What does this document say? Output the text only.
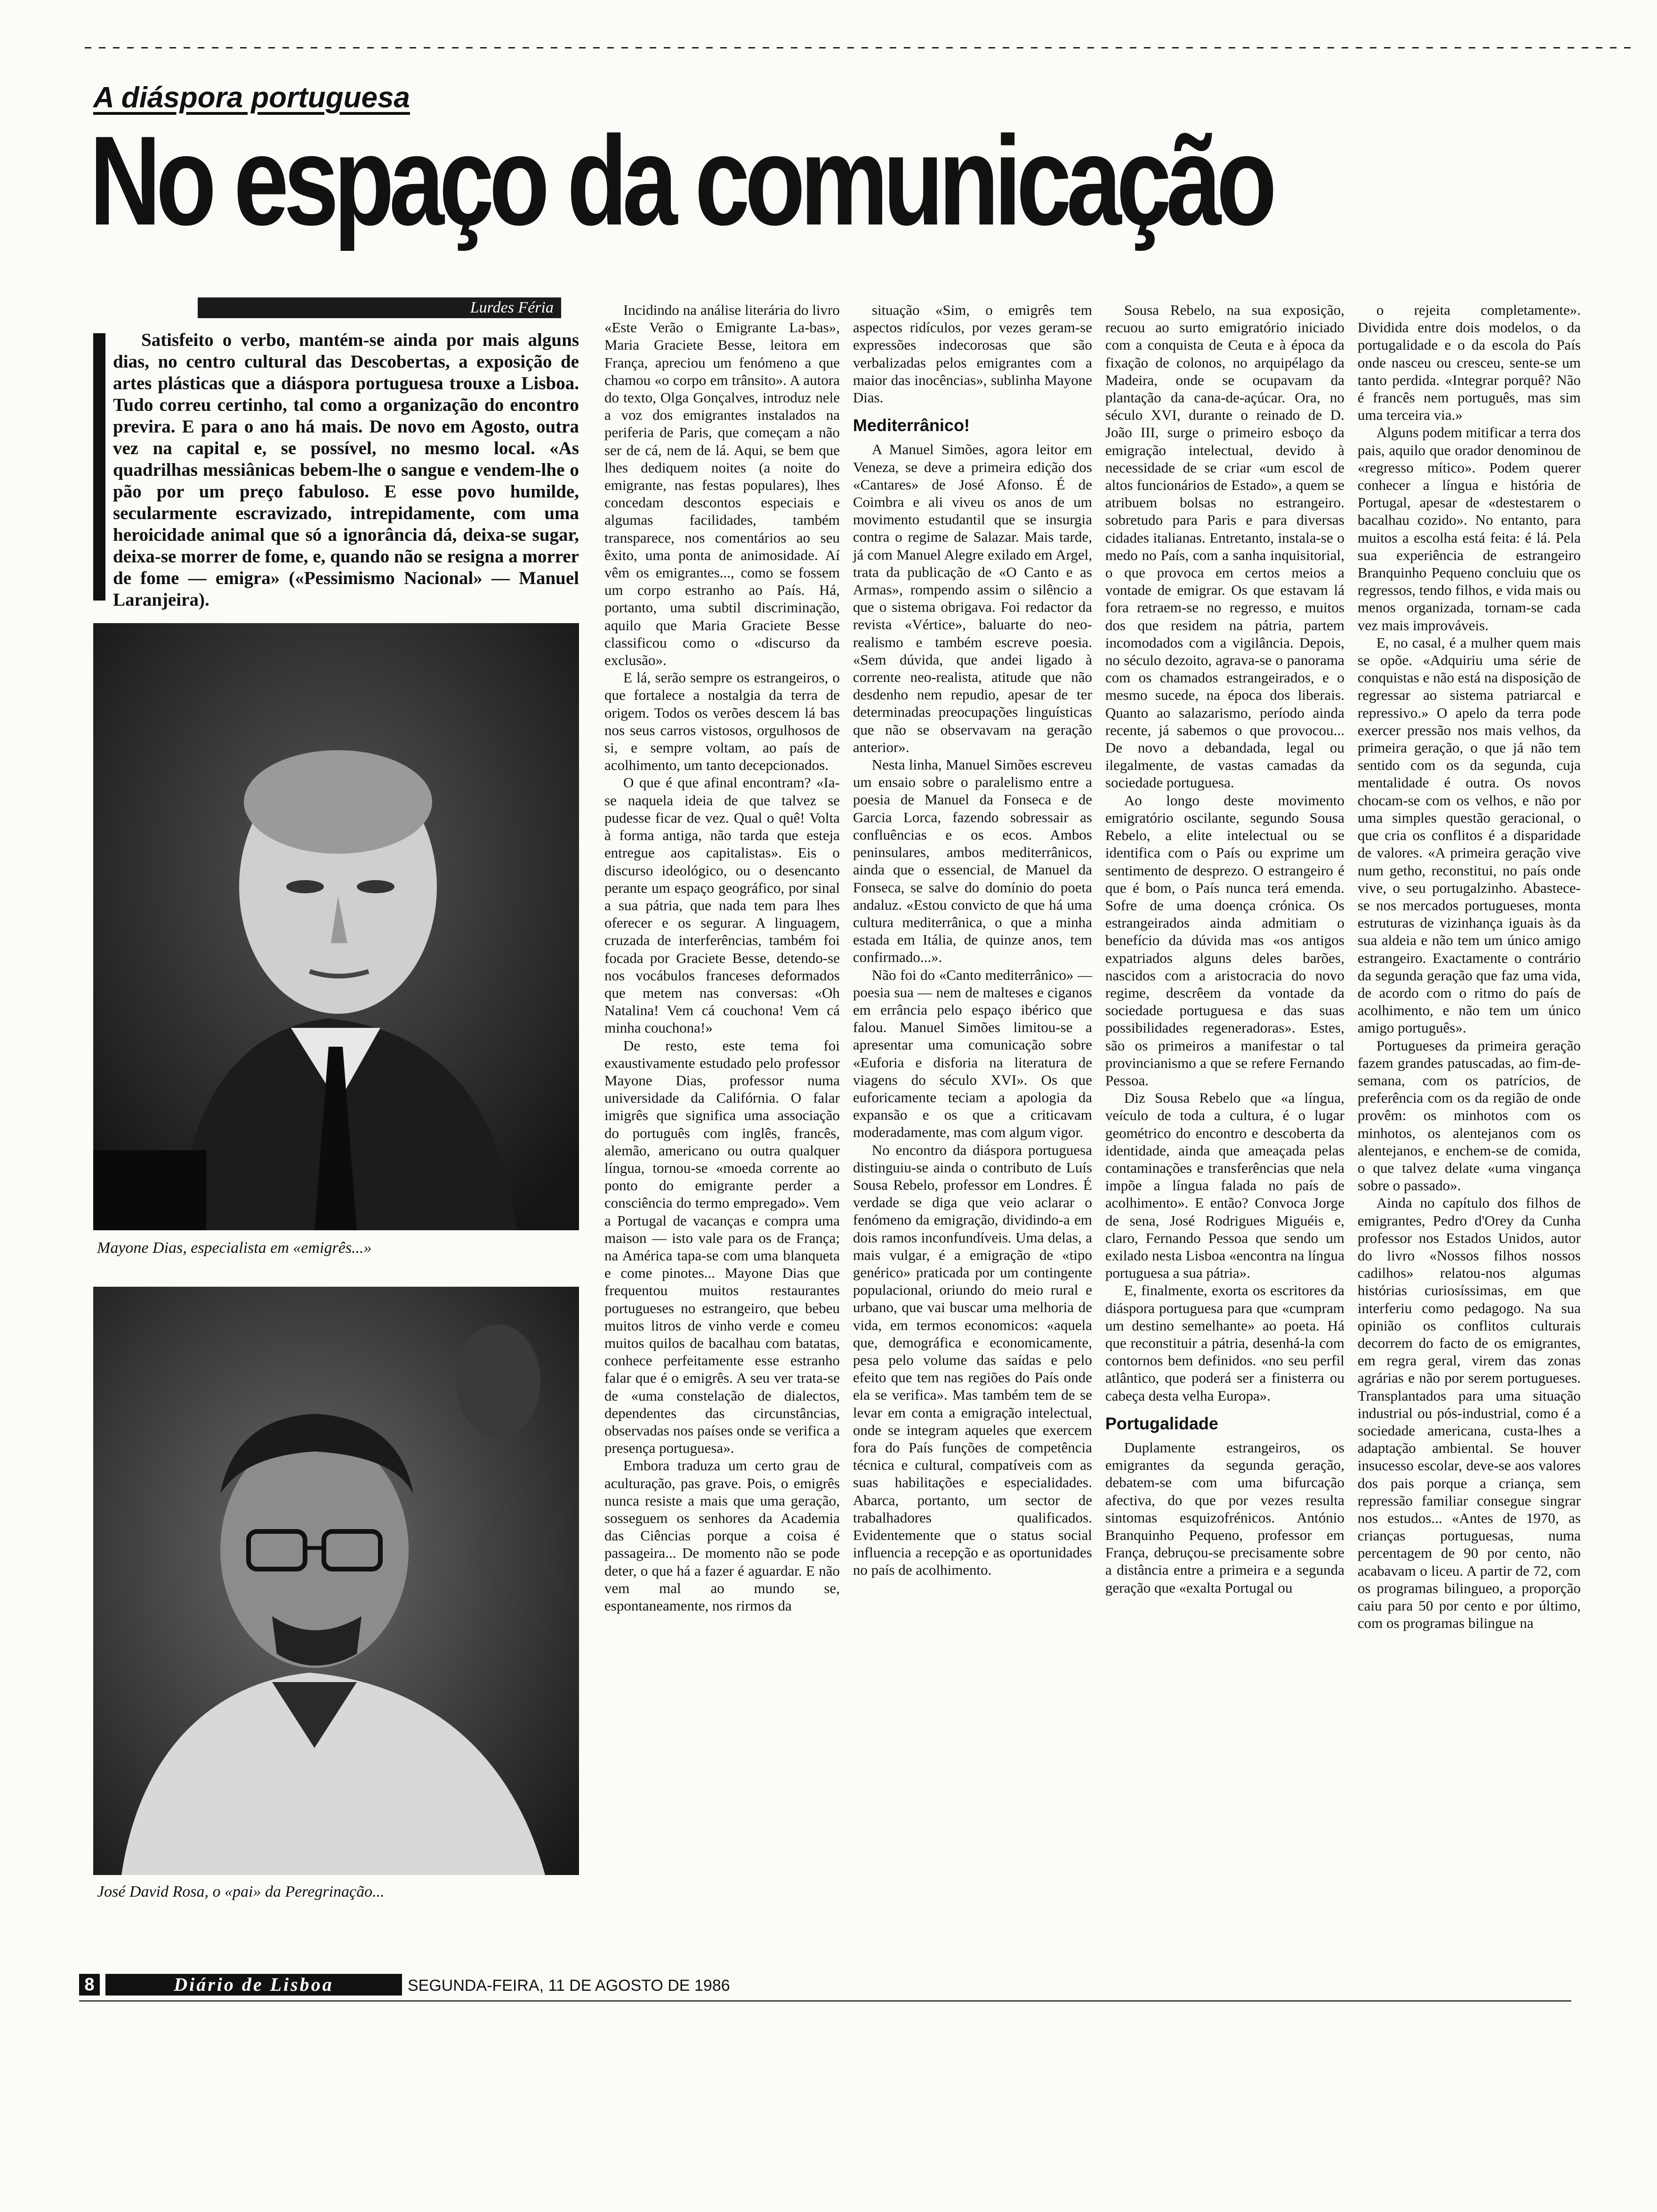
A diáspora portuguesa
No espaço da comunicação
Lurdes Féria

Satisfeito o verbo, mantém-se ainda por mais alguns dias, no centro cultural das Descobertas, a exposição de artes plásticas que a diáspora portuguesa trouxe a Lisboa. Tudo correu certinho, tal como a organização do encontro previra. E para o ano há mais. De novo em Agosto, outra vez na capital e, se possível, no mesmo local. «As quadrilhas messiânicas bebem-lhe o sangue e vendem-lhe o pão por um preço fabuloso. E esse povo humilde, secularmente escravizado, intrepidamente, com uma heroicidade animal que só a ignorância dá, deixa-se sugar, deixa-se morrer de fome, e, quando não se resigna a morrer de fome — emigra» («Pessimismo Nacional» — Manuel Laranjeira).

Mayone Dias, especialista em «emigrês...»
José David Rosa, o «pai» da Peregrinação...

Incidindo na análise literária do livro «Este Verão o Emigrante La-bas», Maria Graciete Besse, leitora em França, apreciou um fenómeno a que chamou «o corpo em trânsito». A autora do texto, Olga Gonçalves, introduz nele a voz dos emigrantes instalados na periferia de Paris, que começam a não ser de cá, nem de lá. Aqui, se bem que lhes dediquem noites (a noite do emigrante, nas festas populares), lhes concedam descontos especiais e algumas facilidades, também transparece, nos comentários ao seu êxito, uma ponta de animosidade. Aí vêm os emigrantes..., como se fossem um corpo estranho ao País. Há, portanto, uma subtil discriminação, aquilo que Maria Graciete Besse classificou como o «discurso da exclusão».

E lá, serão sempre os estrangeiros, o que fortalece a nostalgia da terra de origem. Todos os verões descem lá bas nos seus carros vistosos, orgulhosos de si, e sempre voltam, ao país de acolhimento, um tanto decepcionados.

O que é que afinal encontram? «Ia-se naquela ideia de que talvez se pudesse ficar de vez. Qual o quê! Volta à forma antiga, não tarda que esteja entregue aos capitalistas». Eis o discurso ideológico, ou o desencanto perante um espaço geográfico, por sinal a sua pátria, que nada tem para lhes oferecer e os segurar. A linguagem, cruzada de interferências, também foi focada por Graciete Besse, detendo-se nos vocábulos franceses deformados que metem nas conversas: «Oh Natalina! Vem cá couchona! Vem cá minha couchona!»

De resto, este tema foi exaustivamente estudado pelo professor Mayone Dias, professor numa universidade da Califórnia. O falar imigrês que significa uma associação do português com inglês, francês, alemão, americano ou outra qualquer língua, tornou-se «moeda corrente ao ponto do emigrante perder a consciência do termo empregado». Vem a Portugal de vacanças e compra uma maison — isto vale para os de França; na América tapa-se com uma blanqueta e come pinotes... Mayone Dias que frequentou muitos restaurantes portugueses no estrangeiro, que bebeu muitos litros de vinho verde e comeu muitos quilos de bacalhau com batatas, conhece perfeitamente esse estranho falar que é o emigrês. A seu ver trata-se de «uma constelação de dialectos, dependentes das circunstâncias, observadas nos países onde se verifica a presença portuguesa».

Embora traduza um certo grau de aculturação, pas grave. Pois, o emigrês nunca resiste a mais que uma geração, sosseguem os senhores da Academia das Ciências porque a coisa é passageira... De momento não se pode deter, o que há a fazer é aguardar. E não vem mal ao mundo se, espontaneamente, nos rirmos da

situação «Sim, o emigrês tem aspectos ridículos, por vezes geram-se expressões indecorosas que são verbalizadas pelos emigrantes com a maior das inocências», sublinha Mayone Dias.

Mediterrânico!

A Manuel Simões, agora leitor em Veneza, se deve a primeira edição dos «Cantares» de José Afonso. É de Coimbra e ali viveu os anos de um movimento estudantil que se insurgia contra o regime de Salazar. Mais tarde, já com Manuel Alegre exilado em Argel, trata da publicação de «O Canto e as Armas», rompendo assim o silêncio a que o sistema obrigava. Foi redactor da revista «Vértice», baluarte do neo-realismo e também escreve poesia. «Sem dúvida, que andei ligado à corrente neo-realista, atitude que não desdenho nem repudio, apesar de ter determinadas preocupações linguísticas que não se observavam na geração anterior».

Nesta linha, Manuel Simões escreveu um ensaio sobre o paralelismo entre a poesia de Manuel da Fonseca e de Garcia Lorca, fazendo sobressair as confluências e os ecos. Ambos peninsulares, ambos mediterrânicos, ainda que o essencial, de Manuel da Fonseca, se salve do domínio do poeta andaluz. «Estou convicto de que há uma cultura mediterrânica, o que a minha estada em Itália, de quinze anos, tem confirmado...».

Não foi do «Canto mediterrânico» — poesia sua — nem de malteses e ciganos em errância pelo espaço ibérico que falou. Manuel Simões limitou-se a apresentar uma comunicação sobre «Euforia e disforia na literatura de viagens do século XVI». Os que euforicamente teciam a apologia da expansão e os que a criticavam moderadamente, mas com algum vigor.

No encontro da diáspora portuguesa distinguiu-se ainda o contributo de Luís Sousa Rebelo, professor em Londres. É verdade se diga que veio aclarar o fenómeno da emigração, dividindo-a em dois ramos inconfundíveis. Uma delas, a mais vulgar, é a emigração de «tipo genérico» praticada por um contingente populacional, oriundo do meio rural e urbano, que vai buscar uma melhoria de vida, em termos economicos: «aquela que, demográfica e economicamente, pesa pelo volume das saídas e pelo efeito que tem nas regiões do País onde ela se verifica». Mas também tem de se levar em conta a emigração intelectual, onde se integram aqueles que exercem fora do País funções de competência técnica e cultural, compatíveis com as suas habilitações e especialidades. Abarca, portanto, um sector de trabalhadores qualificados. Evidentemente que o status social influencia a recepção e as oportunidades no país de acolhimento.

Sousa Rebelo, na sua exposição, recuou ao surto emigratório iniciado com a conquista de Ceuta e à época da fixação de colonos, no arquipélago da Madeira, onde se ocupavam da plantação da cana-de-açúcar. Ora, no século XVI, durante o reinado de D. João III, surge o primeiro esboço da emigração intelectual, devido à necessidade de se criar «um escol de altos funcionários de Estado», a quem se atribuem bolsas no estrangeiro. sobretudo para Paris e para diversas cidades italianas. Entretanto, instala-se o medo no País, com a sanha inquisitorial, o que provoca em certos meios a vontade de emigrar. Os que estavam lá fora retraem-se no regresso, e muitos dos que residem na pátria, partem incomodados com a vigilância. Depois, no século dezoito, agrava-se o panorama com os chamados estrangeirados, e o mesmo sucede, na época dos liberais. Quanto ao salazarismo, período ainda recente, já sabemos o que provocou... De novo a debandada, legal ou ilegalmente, de vastas camadas da sociedade portuguesa.

Ao longo deste movimento emigratório oscilante, segundo Sousa Rebelo, a elite intelectual ou se identifica com o País ou exprime um sentimento de desprezo. O estrangeiro é que é bom, o País nunca terá emenda. Sofre de uma doença crónica. Os estrangeirados ainda admitiam o benefício da dúvida mas «os antigos expatriados alguns deles barões, nascidos com a aristocracia do novo regime, descrêem da vontade da sociedade portuguesa e das suas possibilidades regeneradoras». Estes, são os primeiros a manifestar o tal provincianismo a que se refere Fernando Pessoa.

Diz Sousa Rebelo que «a língua, veículo de toda a cultura, é o lugar geométrico do encontro e descoberta da identidade, ainda que ameaçada pelas contaminações e transferências que nela impõe a língua falada no país de acolhimento». E então? Convoca Jorge de sena, José Rodrigues Miguéis e, claro, Fernando Pessoa que sendo um exilado nesta Lisboa «encontra na língua portuguesa a sua pátria».

E, finalmente, exorta os escritores da diáspora portuguesa para que «cumpram um destino semelhante» ao poeta. Há que reconstituir a pátria, desenhá-la com contornos bem definidos. «no seu perfil atlântico, que poderá ser a finisterra ou cabeça desta velha Europa».

Portugalidade

Duplamente estrangeiros, os emigrantes da segunda geração, debatem-se com uma bifurcação afectiva, do que por vezes resulta sintomas esquizofrénicos. António Branquinho Pequeno, professor em França, debruçou-se precisamente sobre a distância entre a primeira e a segunda geração que «exalta Portugal ou

o rejeita completamente». Dividida entre dois modelos, o da portugalidade e o da escola do País onde nasceu ou cresceu, sente-se um tanto perdida. «Integrar porquê? Não é francês nem português, mas sim uma terceira via.»

Alguns podem mitificar a terra dos pais, aquilo que orador denominou de «regresso mítico». Podem querer conhecer a língua e história de Portugal, apesar de «destestarem o bacalhau cozido». No entanto, para muitos a escolha está feita: é lá. Pela sua experiência de estrangeiro Branquinho Pequeno concluiu que os regressos, tendo filhos, e vida mais ou menos organizada, tornam-se cada vez mais improváveis.

E, no casal, é a mulher quem mais se opõe. «Adquiriu uma série de conquistas e não está na disposição de regressar ao sistema patriarcal e repressivo.» O apelo da terra pode exercer pressão nos mais velhos, da primeira geração, o que já não tem sentido com os da segunda, cuja mentalidade é outra. Os novos chocam-se com os velhos, e não por uma simples questão geracional, o que cria os conflitos é a disparidade de valores. «A primeira geração vive num getho, reconstitui, no país onde vive, o seu portugalzinho. Abastece-se nos mercados portugueses, monta estruturas de vizinhança iguais às da sua aldeia e não tem um único amigo estrangeiro. Exactamente o contrário da segunda geração que faz uma vida, de acordo com o ritmo do país de acolhimento, e não tem um único amigo português».

Portugueses da primeira geração fazem grandes patuscadas, ao fim-de-semana, com os patrícios, de preferência com os da região de onde provêm: os minhotos com os minhotos, os alentejanos com os alentejanos, e enchem-se de comida, o que talvez delate «uma vingança sobre o passado».

Ainda no capítulo dos filhos de emigrantes, Pedro d'Orey da Cunha professor nos Estados Unidos, autor do livro «Nossos filhos nossos cadilhos» relatou-nos algumas histórias curiosíssimas, em que interferiu como pedagogo. Na sua opinião os conflitos culturais decorrem do facto de os emigrantes, em regra geral, virem das zonas agrárias e não por serem portugueses. Transplantados para uma situação industrial ou pós-industrial, como é a sociedade americana, custa-lhes a adaptação ambiental. Se houver insucesso escolar, deve-se aos valores dos pais porque a criança, sem repressão familiar consegue singrar nos estudos... «Antes de 1970, as crianças portuguesas, numa percentagem de 90 por cento, não acabavam o liceu. A partir de 72, com os programas bilingueo, a proporção caiu para 50 por cento e por último, com os programas bilingue na

8	Diário de Lisboa	SEGUNDA-FEIRA, 11 DE AGOSTO DE 1986
